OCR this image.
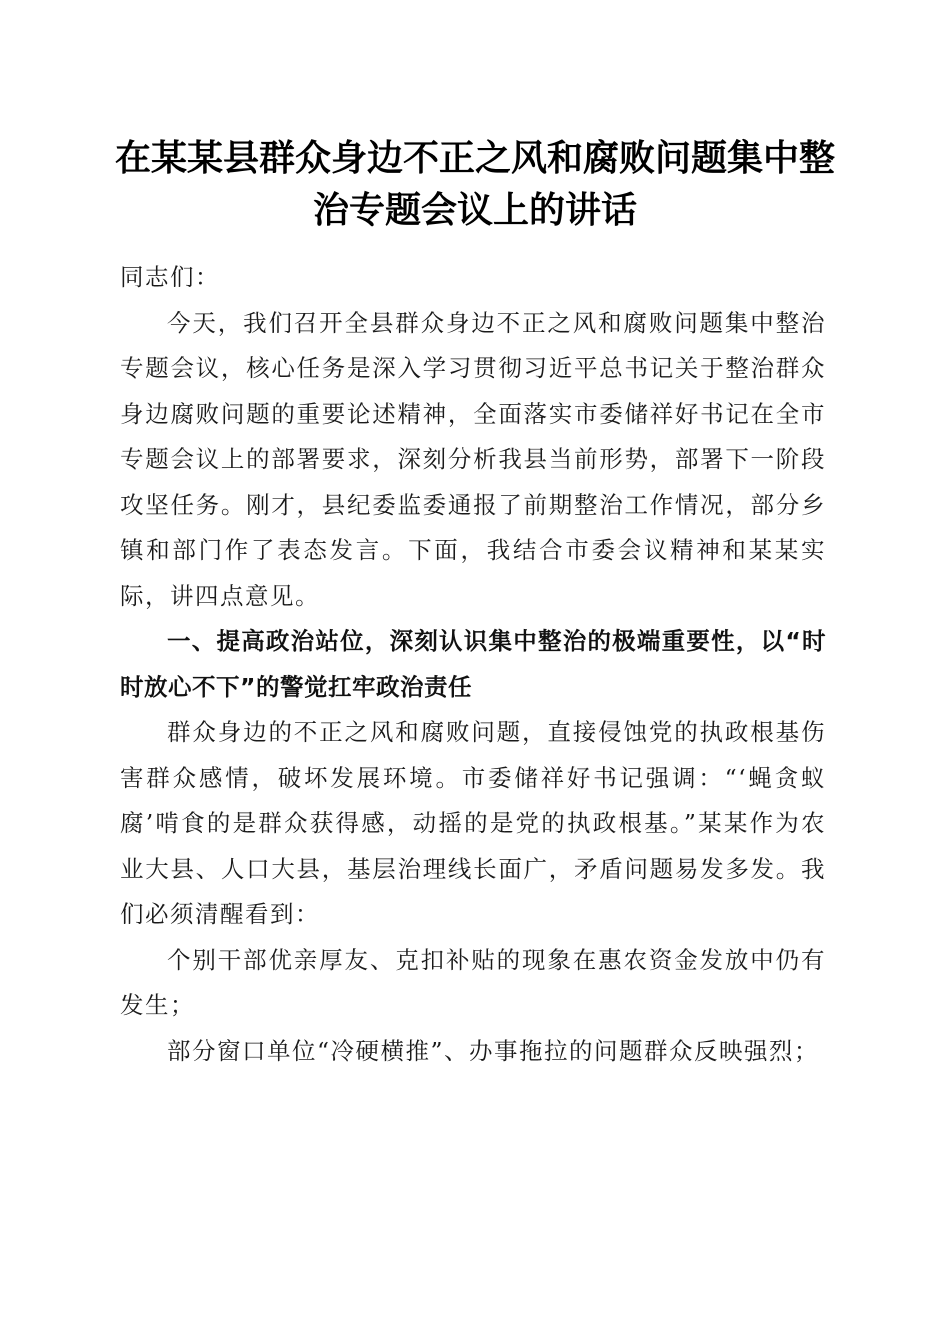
在某某县群众身边不正之风和腐败问题集中整
治专题会议上的讲话

同志们：

今天，我们召开全县群众身边不正之风和腐败问题集中整治专题会议，核心任务是深入学习贯彻习近平总书记关于整治群众身边腐败问题的重要论述精神，全面落实市委储祥好书记在全市专题会议上的部署要求，深刻分析我县当前形势，部署下一阶段攻坚任务。刚才，县纪委监委通报了前期整治工作情况，部分乡镇和部门作了表态发言。下面，我结合市委会议精神和某某实际，讲四点意见。

一、提高政治站位，深刻认识集中整治的极端重要性，以“时时放心不下”的警觉扛牢政治责任

群众身边的不正之风和腐败问题，直接侵蚀党的执政根基伤害群众感情，破坏发展环境。市委储祥好书记强调：“‘蝇贪蚁腐’啃食的是群众获得感，动摇的是党的执政根基。”某某作为农业大县、人口大县，基层治理线长面广，矛盾问题易发多发。我们必须清醒看到：

个别干部优亲厚友、克扣补贴的现象在惠农资金发放中仍有发生；

部分窗口单位“冷硬横推”、办事拖拉的问题群众反映强烈；
